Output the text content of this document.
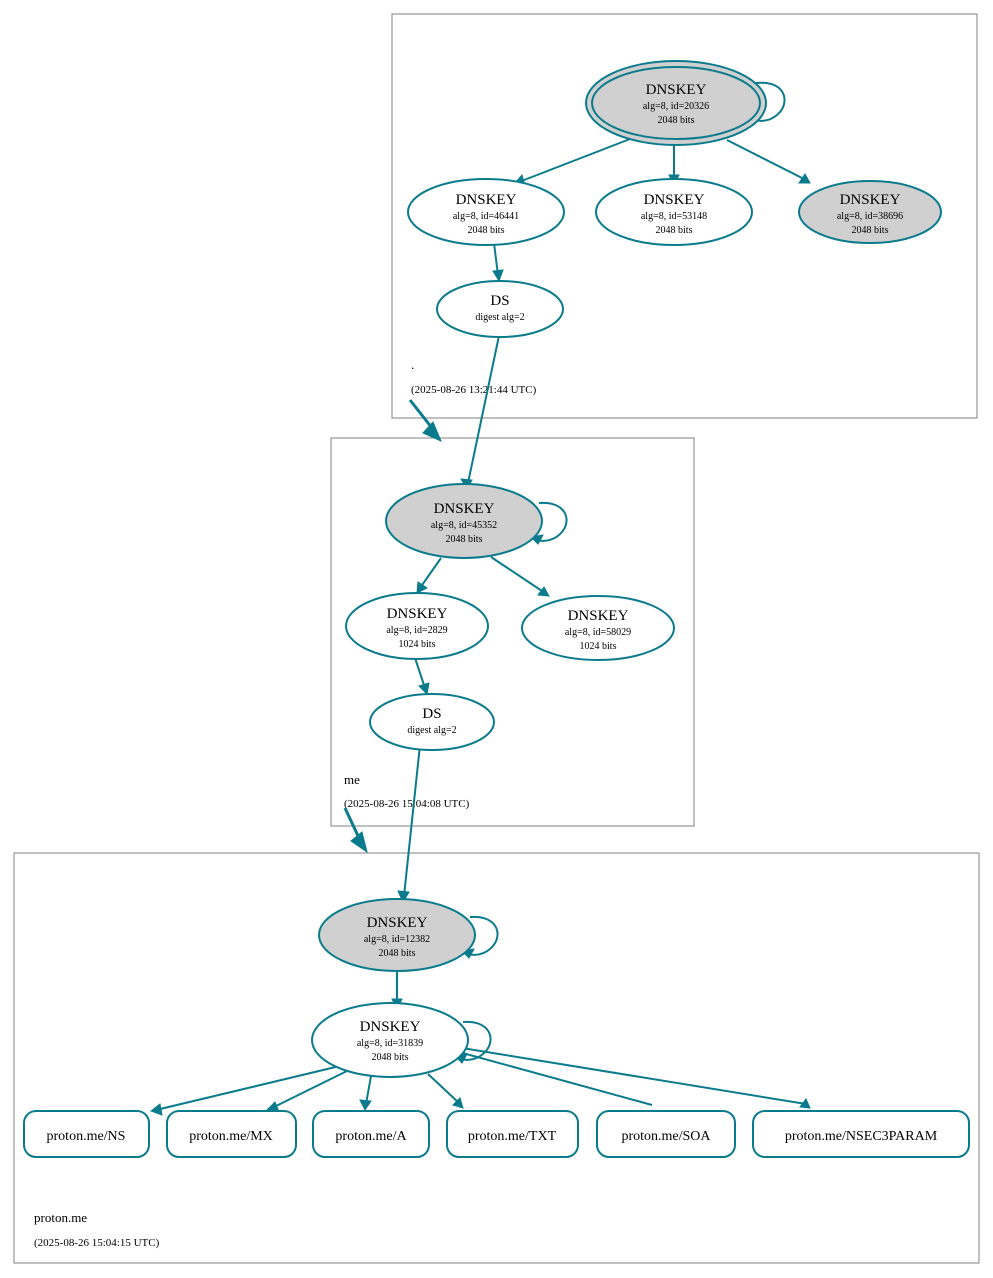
.
(2025-08-26 13:21:44 UTC)
me
(2025-08-26 15:04:08 UTC)
proton.me
(2025-08-26 15:04:15 UTC)
DNSKEY
alg=8, id=20326
2048 bits
DNSKEY
alg=8, id=46441
2048 bits
DNSKEY
alg=8, id=53148
2048 bits
DNSKEY
alg=8, id=38696
2048 bits
DS
digest alg=2
DNSKEY
alg=8, id=45352
2048 bits
DNSKEY
alg=8, id=2829
1024 bits
DNSKEY
alg=8, id=58029
1024 bits
DS
digest alg=2
DNSKEY
alg=8, id=12382
2048 bits
DNSKEY
alg=8, id=31839
2048 bits
proton.me/NS	proton.me/MX	proton.me/A	proton.me/TXT	proton.me/SOA	proton.me/NSEC3PARAM
